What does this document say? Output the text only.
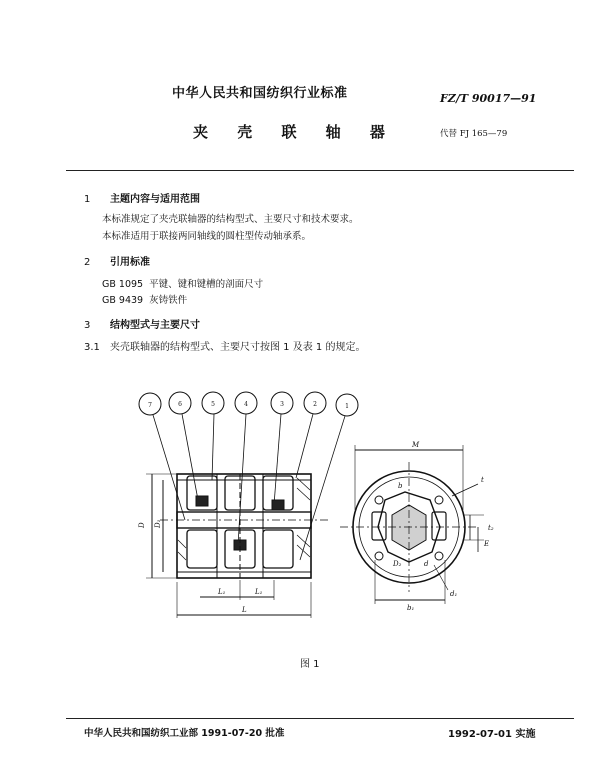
中华人民共和国纺织行业标准	FZ/T 90017—91
夹 壳 联 轴 器	代替 FJ 165—79
1 主题内容与适用范围
本标准规定了夹壳联轴器的结构型式、主要尺寸和技术要求。
本标准适用于联接两同轴线的圆柱型传动轴承系。
2 引用标准
GB 1095 平键、键和键槽的剖面尺寸
GB 9439 灰铸铁件
3 结构型式与主要尺寸
3.1 夹壳联轴器的结构型式、主要尺寸按图 1 及表 1 的规定。
7	6	5	4	3	2	1
D D₁
L₁	L₁
L
M
t
t₂
b
E
D₂	d
d₁
b₁
图 1
中华人民共和国纺织工业部 1991-07-20 批准	1992-07-01 实施
